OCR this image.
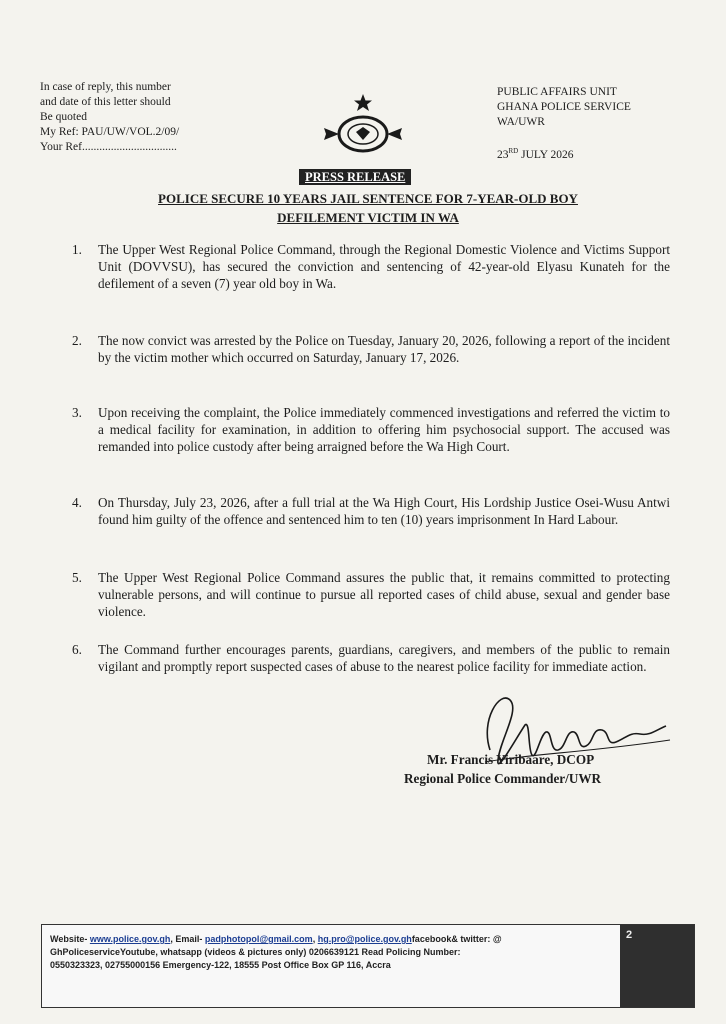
In case of reply, this number
and date of this letter should
Be quoted
My Ref: PAU/UW/VOL.2/09/
Your Ref.................................
PUBLIC AFFAIRS UNIT
GHANA POLICE SERVICE
WA/UWR
23RD JULY 2026
PRESS RELEASE
POLICE SECURE 10 YEARS JAIL SENTENCE FOR 7-YEAR-OLD BOY
DEFILEMENT VICTIM IN WA
1.	The Upper West Regional Police Command, through the Regional Domestic Violence and Victims Support Unit (DOVVSU), has secured the conviction and sentencing of 42-year-old Elyasu Kunateh for the defilement of a seven (7) year old boy in Wa.
2.	The now convict was arrested by the Police on Tuesday, January 20, 2026, following a report of the incident by the victim mother which occurred on Saturday, January 17, 2026.
3.	Upon receiving the complaint, the Police immediately commenced investigations and referred the victim to a medical facility for examination, in addition to offering him psychosocial support. The accused was remanded into police custody after being arraigned before the Wa High Court.
4.	On Thursday, July 23, 2026, after a full trial at the Wa High Court, His Lordship Justice Osei-Wusu Antwi found him guilty of the offence and sentenced him to ten (10) years imprisonment In Hard Labour.
5.	The Upper West Regional Police Command assures the public that, it remains committed to protecting vulnerable persons, and will continue to pursue all reported cases of child abuse, sexual and gender base violence.
6.	The Command further encourages parents, guardians, caregivers, and members of the public to remain vigilant and promptly report suspected cases of abuse to the nearest police facility for immediate action.
Mr. Francis Yiribaare, DCOP
Regional Police Commander/UWR
Website- www.police.gov.gh, Email- padphotopol@gmail.com, hg.pro@police.gov.ghfacebook& twitter: @
GhPoliceserviceYoutube, whatsapp (videos & pictures only) 0206639121 Read Policing Number:
0550323323, 02755000156 Emergency-122, 18555 Post Office Box GP 116, Accra
2
